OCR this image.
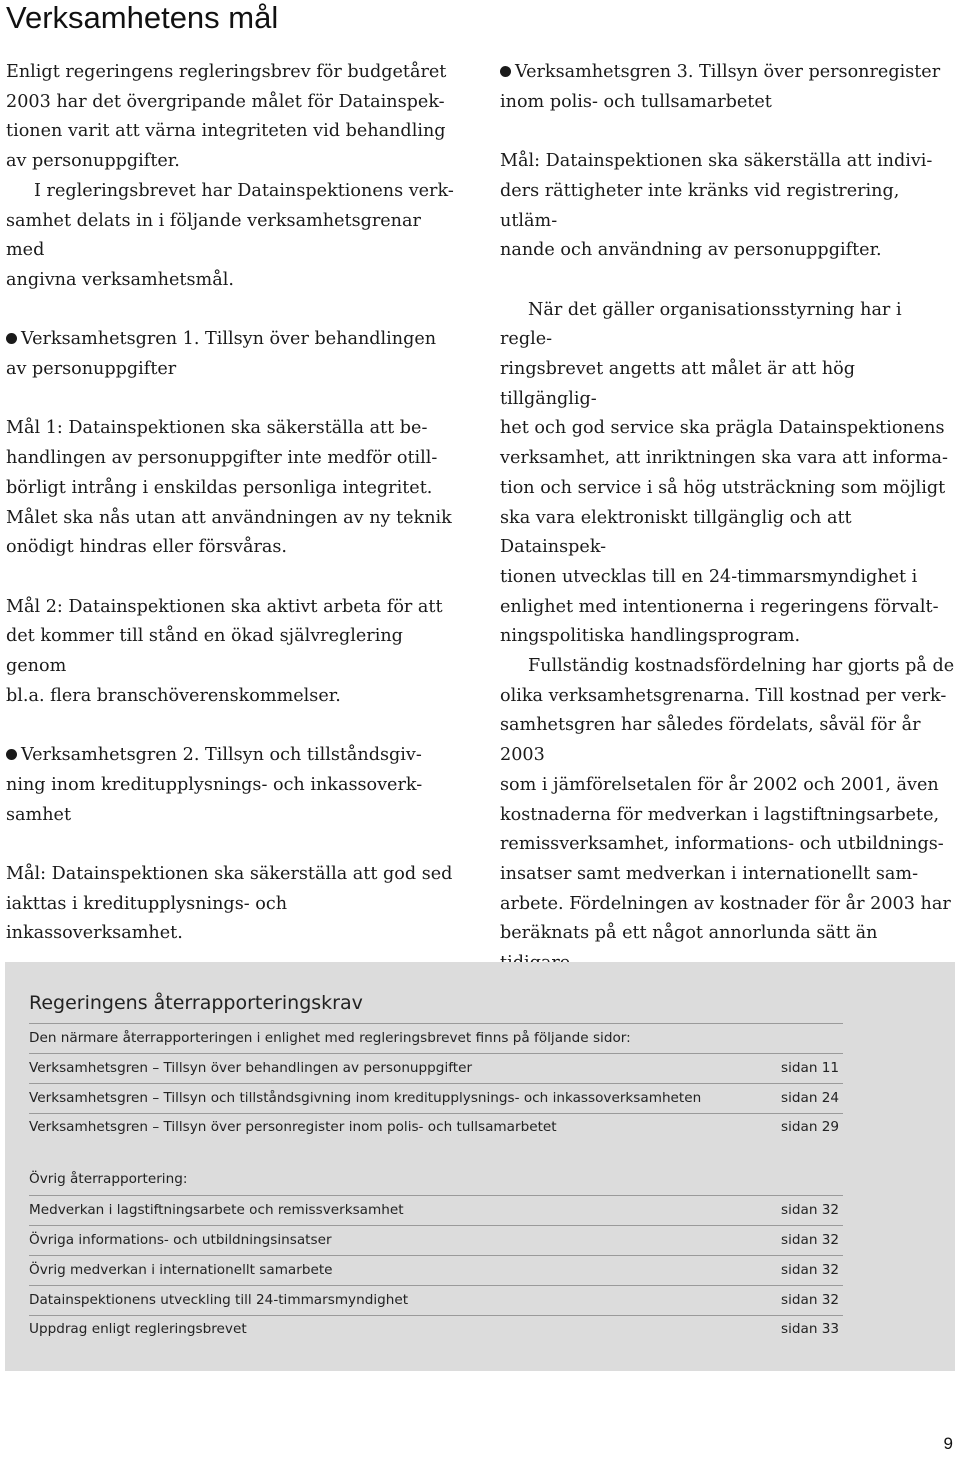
Verksamhetens mål

Enligt regeringens regleringsbrev för budgetåret

2003 har det övergripande målet för Datainspek-

tionen varit att värna integriteten vid behandling

av personuppgifter.

I regleringsbrevet har Datainspektionens verk-

samhet delats in i följande verksamhetsgrenar med

angivna verksamhetsmål.

Verksamhetsgren 1. Tillsyn över behandlingen

av personuppgifter

Mål 1: Datainspektionen ska säkerställa att be-

handlingen av personuppgifter inte medför otill-

börligt intrång i enskildas personliga integritet.

Målet ska nås utan att användningen av ny teknik

onödigt hindras eller försvåras.

Mål 2: Datainspektionen ska aktivt arbeta för att

det kommer till stånd en ökad självreglering genom

bl.a. flera branschöverenskommelser.

Verksamhetsgren 2. Tillsyn och tillståndsgiv-

ning inom kreditupplysnings- och inkassoverk-

samhet

Mål: Datainspektionen ska säkerställa att god sed

iakttas i kreditupplysnings- och inkassoverksamhet.

Verksamhetsgren 3. Tillsyn över personregister

inom polis- och tullsamarbetet

Mål: Datainspektionen ska säkerställa att indivi-

ders rättigheter inte kränks vid registrering, utläm-

nande och användning av personuppgifter.

När det gäller organisationsstyrning har i regle-

ringsbrevet angetts att målet är att hög tillgänglig-

het och god service ska prägla Datainspektionens

verksamhet, att inriktningen ska vara att informa-

tion och service i så hög utsträckning som möjligt

ska vara elektroniskt tillgänglig och att Datainspek-

tionen utvecklas till en 24-timmarsmyndighet i

enlighet med intentionerna i regeringens förvalt-

ningspolitiska handlingsprogram.

Fullständig kostnadsfördelning har gjorts på de

olika verksamhetsgrenarna. Till kostnad per verk-

samhetsgren har således fördelats, såväl för år 2003

som i jämförelsetalen för år 2002 och 2001, även

kostnaderna för medverkan i lagstiftningsarbete,

remissverksamhet, informations- och utbildnings-

insatser samt medverkan i internationellt sam-

arbete. Fördelningen av kostnader för år 2003 har

beräknats på ett något annorlunda sätt än

Regeringens återrapporteringskrav
Den närmare återrapporteringen i enlighet med regleringsbrevet finns på följande sidor:
Verksamhetsgren – Tillsyn över behandlingen av personuppgifter	sidan 11
Verksamhetsgren – Tillsyn och tillståndsgivning inom kreditupplysnings- och inkassoverksamheten	sidan 24
Verksamhetsgren – Tillsyn över personregister inom polis- och tullsamarbetet	sidan 29
Övrig återrapportering:
Medverkan i lagstiftningsarbete och remissverksamhet	sidan 32
Övriga informations- och utbildningsinsatser	sidan 32
Övrig medverkan i internationellt samarbete	sidan 32
Datainspektionens utveckling till 24-timmarsmyndighet	sidan 32
Uppdrag enligt regleringsbrevet	sidan 33
9
